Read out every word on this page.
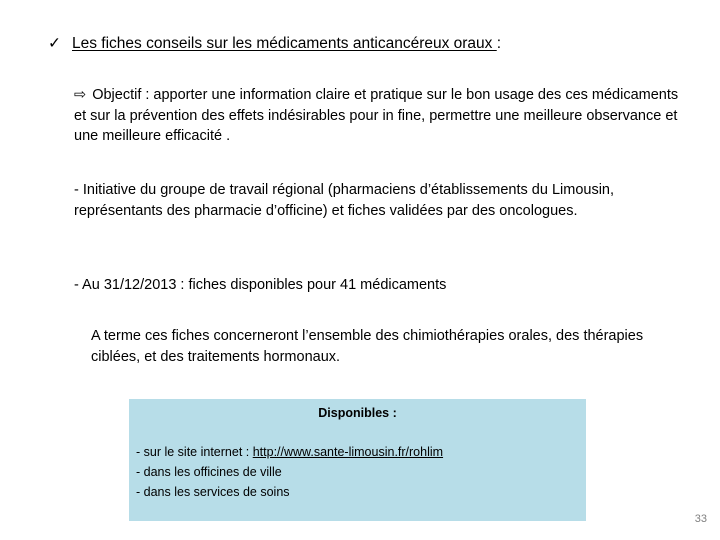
✓ Les fiches conseils sur les médicaments anticancéreux oraux :
⇨ Objectif : apporter une information claire et pratique sur le bon usage des ces médicaments et sur la prévention des effets indésirables pour in fine, permettre une meilleure observance et une meilleure efficacité .
- Initiative du groupe de travail régional (pharmaciens d’établissements du Limousin, représentants des pharmacie d’officine) et fiches validées par des oncologues.
- Au 31/12/2013 : fiches disponibles pour 41 médicaments
A terme ces fiches concerneront l’ensemble des chimiothérapies orales, des thérapies ciblées, et des traitements hormonaux.
Disponibles :
- sur le site internet : http://www.sante-limousin.fr/rohlim
- dans les officines de ville
- dans les services de soins
33
